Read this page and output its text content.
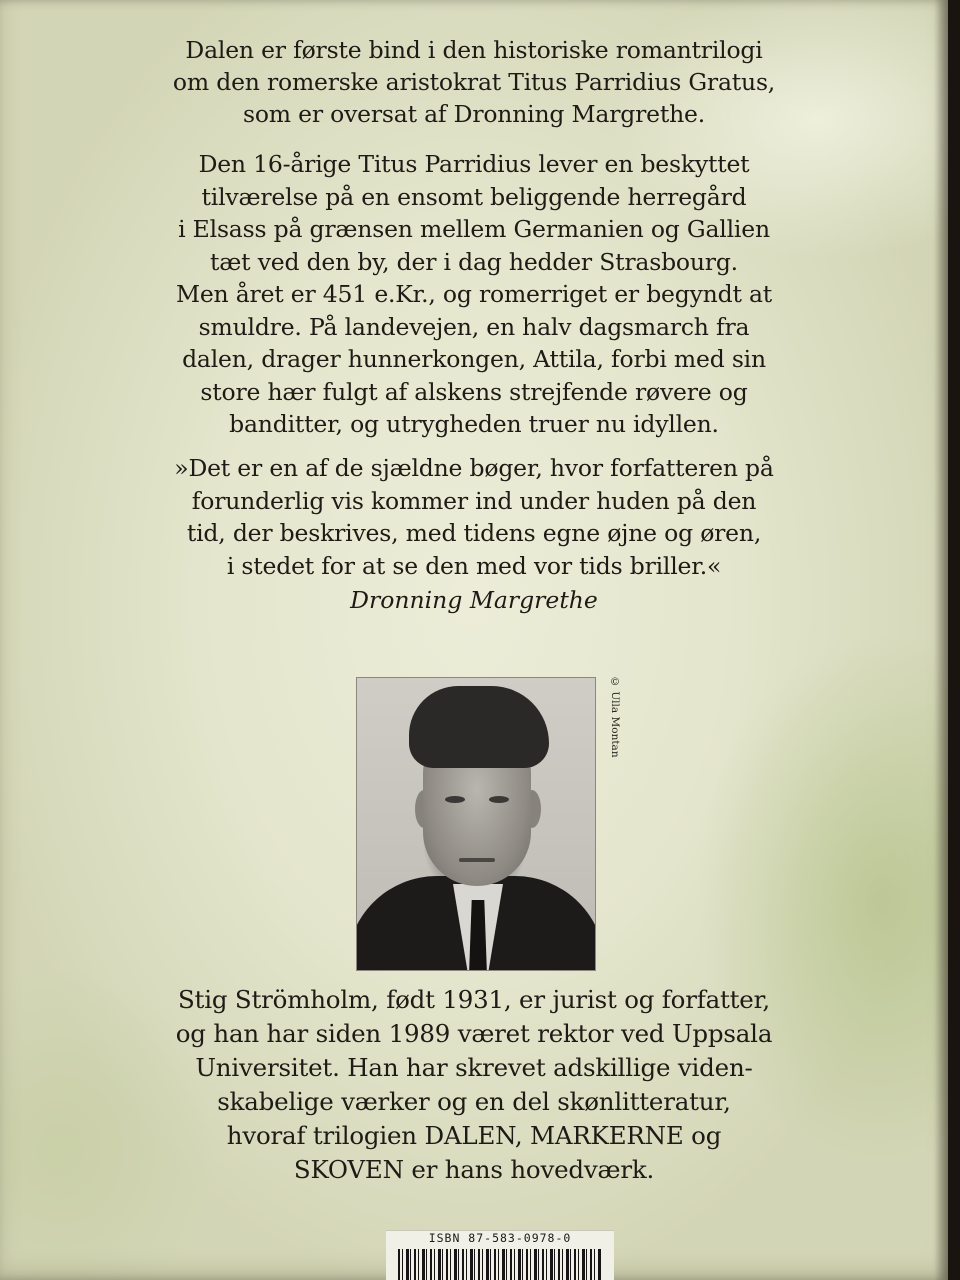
Dalen er første bind i den historiske romantrilogi
om den romerske aristokrat Titus Parridius Gratus,
som er oversat af Dronning Margrethe.

Den 16-årige Titus Parridius lever en beskyttet
tilværelse på en ensomt beliggende herregård
i Elsass på grænsen mellem Germanien og Gallien
tæt ved den by, der i dag hedder Strasbourg.
Men året er 451 e.Kr., og romerriget er begyndt at
smuldre. På landevejen, en halv dagsmarch fra
dalen, drager hunnerkongen, Attila, forbi med sin
store hær fulgt af alskens strejfende røvere og
banditter, og utrygheden truer nu idyllen.

»Det er en af de sjældne bøger, hvor forfatteren på
forunderlig vis kommer ind under huden på den
tid, der beskrives, med tidens egne øjne og øren,
i stedet for at se den med vor tids briller.«

Dronning Margrethe
© Ulla Montan

Stig Strömholm, født 1931, er jurist og forfatter,
og han har siden 1989 været rektor ved Uppsala
Universitet. Han har skrevet adskillige viden-
skabelige værker og en del skønlitteratur,
hvoraf trilogien DALEN, MARKERNE og
SKOVEN er hans hovedværk.

ISBN 87-583-0978-0
